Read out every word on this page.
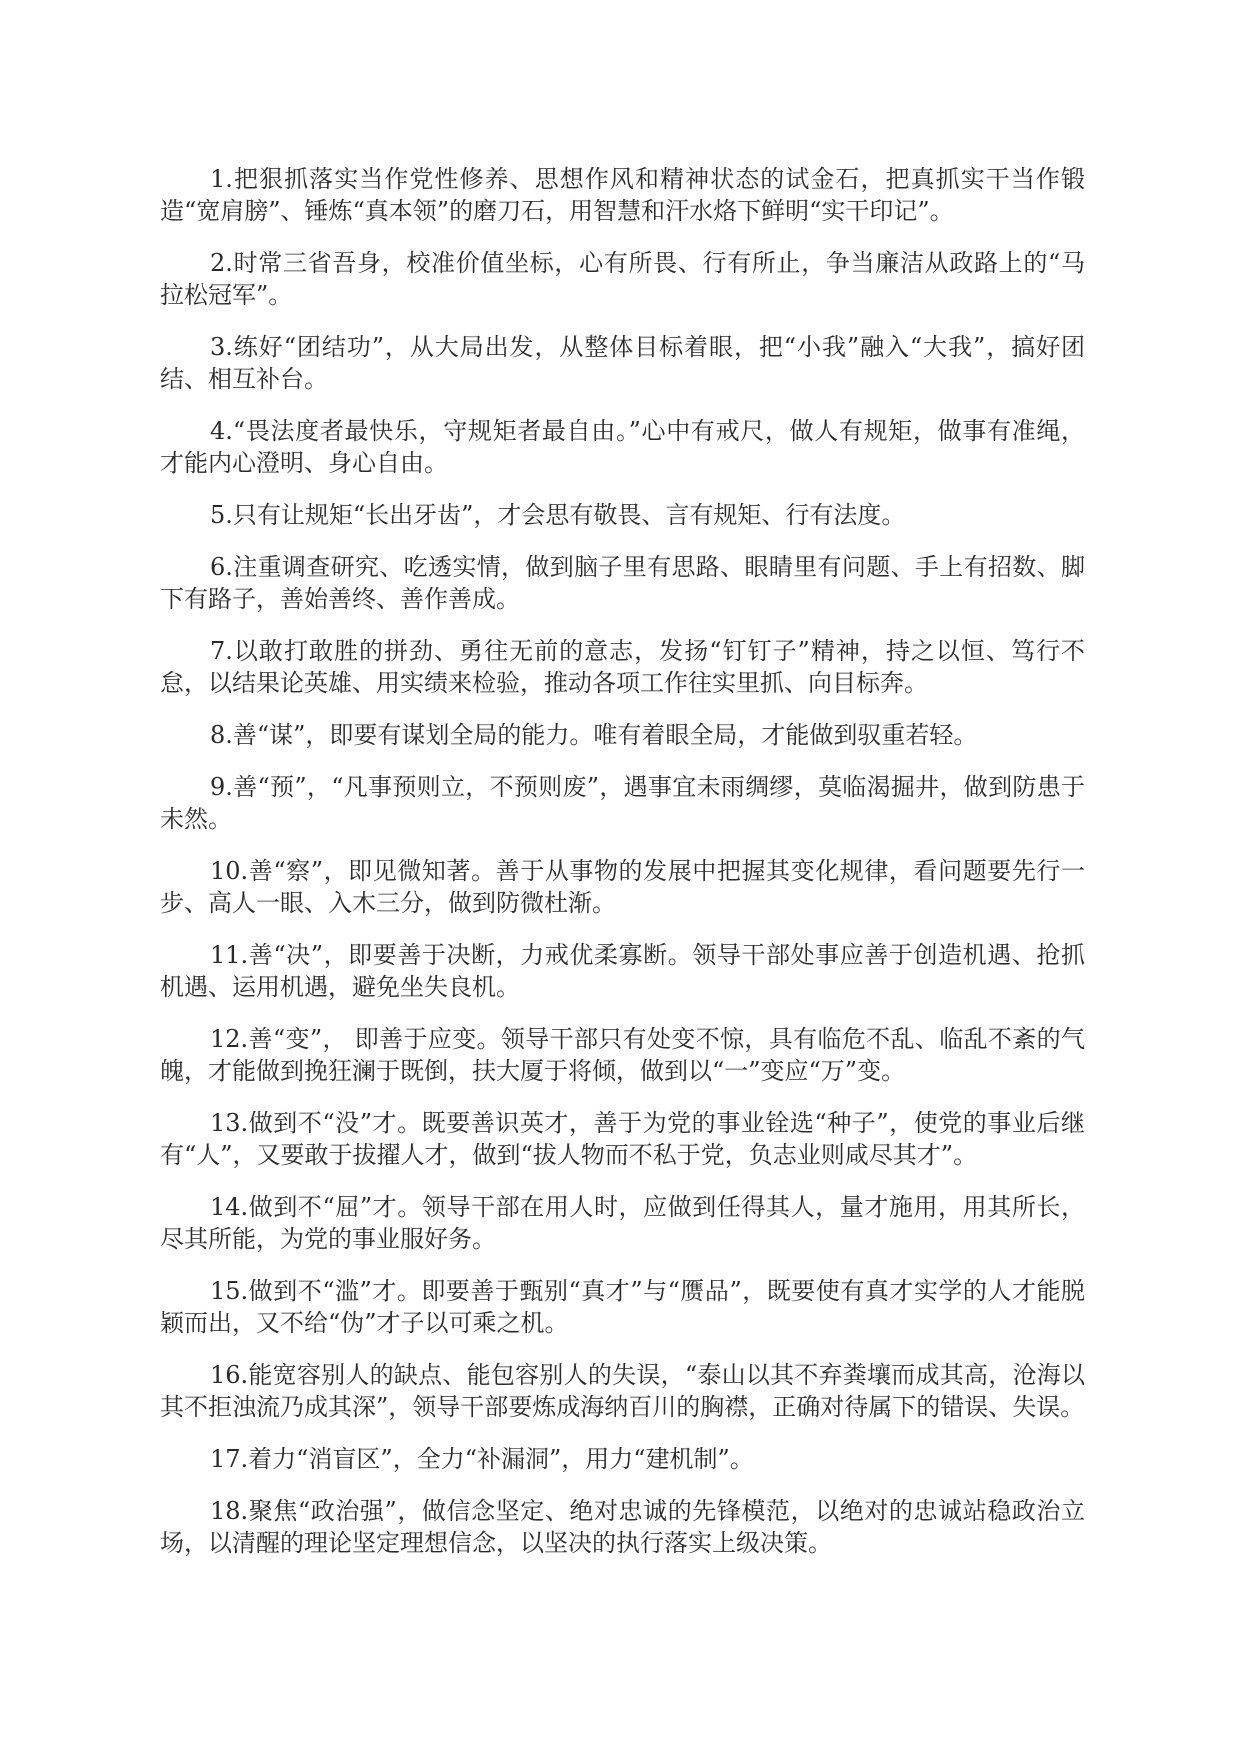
1.把狠抓落实当作党性修养、思想作风和精神状态的试金石，把真抓实干当作锻造“宽肩膀”、锤炼“真本领”的磨刀石，用智慧和汗水烙下鲜明“实干印记”。

2.时常三省吾身，校准价值坐标，心有所畏、行有所止，争当廉洁从政路上的“马拉松冠军”。

3.练好“团结功”，从大局出发，从整体目标着眼，把“小我”融入“大我”，搞好团结、相互补台。

4.“畏法度者最快乐，守规矩者最自由。”心中有戒尺，做人有规矩，做事有准绳，才能内心澄明、身心自由。

5.只有让规矩“长出牙齿”，才会思有敬畏、言有规矩、行有法度。

6.注重调查研究、吃透实情，做到脑子里有思路、眼睛里有问题、手上有招数、脚下有路子，善始善终、善作善成。

7.以敢打敢胜的拼劲、勇往无前的意志，发扬“钉钉子”精神，持之以恒、笃行不怠，以结果论英雄、用实绩来检验，推动各项工作往实里抓、向目标奔。

8.善“谋”，即要有谋划全局的能力。唯有着眼全局，才能做到驭重若轻。

9.善“预”，“凡事预则立，不预则废”，遇事宜未雨绸缪，莫临渴掘井，做到防患于未然。

10.善“察”，即见微知著。善于从事物的发展中把握其变化规律，看问题要先行一步、高人一眼、入木三分，做到防微杜渐。

11.善“决”，即要善于决断，力戒优柔寡断。领导干部处事应善于创造机遇、抢抓机遇、运用机遇，避免坐失良机。

12.善“变”， 即善于应变。领导干部只有处变不惊，具有临危不乱、临乱不紊的气魄，才能做到挽狂澜于既倒，扶大厦于将倾，做到以“一”变应“万”变。

13.做到不“没”才。既要善识英才，善于为党的事业铨选“种子”，使党的事业后继有“人”，又要敢于拔擢人才，做到“拔人物而不私于党，负志业则咸尽其才”。

14.做到不“屈”才。领导干部在用人时，应做到任得其人，量才施用，用其所长，尽其所能，为党的事业服好务。

15.做到不“滥”才。即要善于甄别“真才”与“赝品”，既要使有真才实学的人才能脱颖而出，又不给“伪”才子以可乘之机。

16.能宽容别人的缺点、能包容别人的失误，“泰山以其不弃粪壤而成其高，沧海以其不拒浊流乃成其深”，领导干部要炼成海纳百川的胸襟，正确对待属下的错误、失误。

17.着力“消盲区”，全力“补漏洞”，用力“建机制”。

18.聚焦“政治强”，做信念坚定、绝对忠诚的先锋模范，以绝对的忠诚站稳政治立场，以清醒的理论坚定理想信念，以坚决的执行落实上级决策。
